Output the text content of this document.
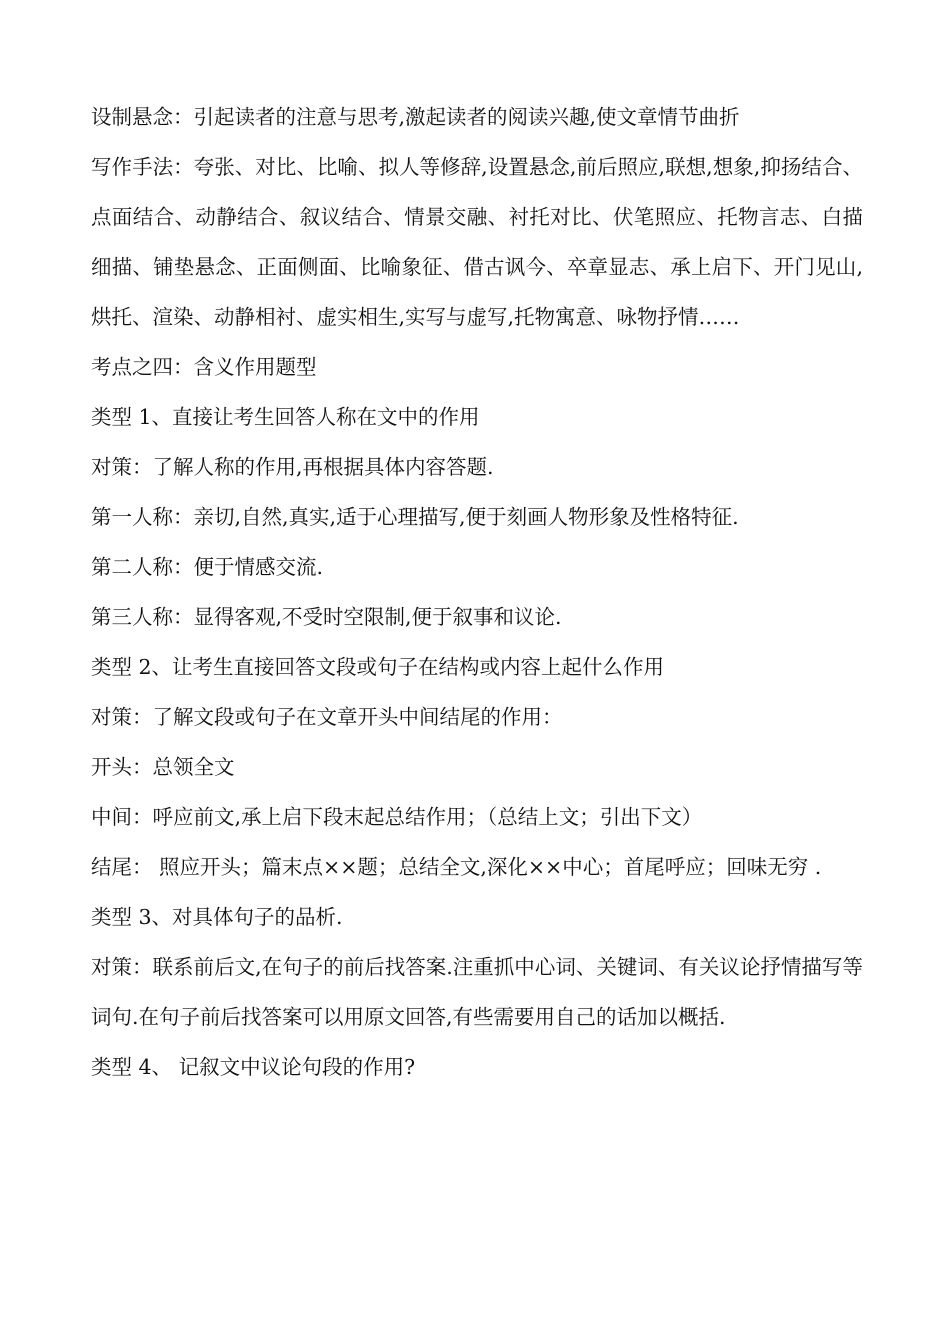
设制悬念：引起读者的注意与思考,激起读者的阅读兴趣,使文章情节曲折

写作手法：夸张、对比、比喻、拟人等修辞,设置悬念,前后照应,联想,想象,抑扬结合、点面结合、动静结合、叙议结合、情景交融、衬托对比、伏笔照应、托物言志、白描细描、铺垫悬念、正面侧面、比喻象征、借古讽今、卒章显志、承上启下、开门见山,烘托、渲染、动静相衬、虚实相生,实写与虚写,托物寓意、咏物抒情……

考点之四：含义作用题型

类型 1、直接让考生回答人称在文中的作用

对策：了解人称的作用,再根据具体内容答题.

第一人称：亲切,自然,真实,适于心理描写,便于刻画人物形象及性格特征.

第二人称：便于情感交流.

第三人称：显得客观,不受时空限制,便于叙事和议论.

类型 2、让考生直接回答文段或句子在结构或内容上起什么作用

对策：了解文段或句子在文章开头中间结尾的作用：

开头：总领全文

中间：呼应前文,承上启下段末起总结作用；（总结上文；引出下文）

结尾： 照应开头；篇末点××题；总结全文,深化××中心；首尾呼应；回味无穷 .

类型 3、对具体句子的品析.

对策：联系前后文,在句子的前后找答案.注重抓中心词、关键词、有关议论抒情描写等词句.在句子前后找答案可以用原文回答,有些需要用自己的话加以概括.

类型 4、 记叙文中议论句段的作用?
